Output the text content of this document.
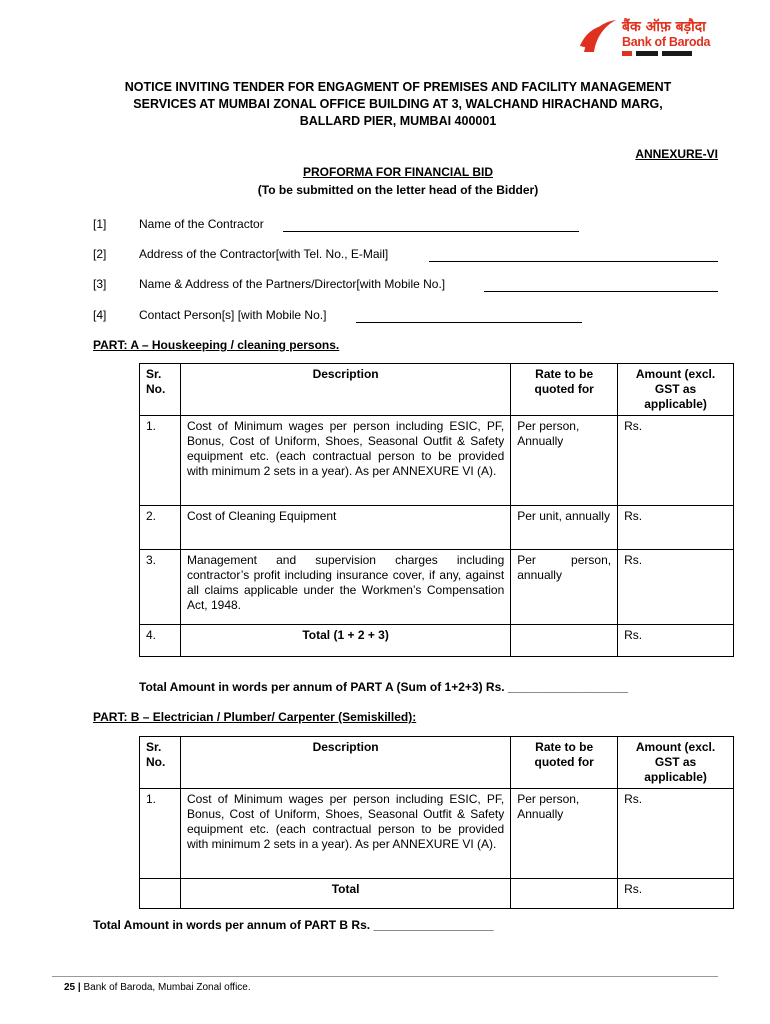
बैंक ऑफ़ बड़ौदा
Bank of Baroda
NOTICE INVITING TENDER FOR ENGAGMENT OF PREMISES AND FACILITY MANAGEMENT
SERVICES AT MUMBAI ZONAL OFFICE BUILDING AT 3, WALCHAND HIRACHAND MARG,
BALLARD PIER, MUMBAI 400001
ANNEXURE-VI
PROFORMA FOR FINANCIAL BID
(To be submitted on the letter head of the Bidder)
[1]	Name of the Contractor
[2]	Address of the Contractor[with Tel. No., E-Mail]
[3]	Name & Address of the Partners/Director[with Mobile No.]
[4]	Contact Person[s] [with Mobile No.]
PART: A – Houskeeping / cleaning persons.
Sr. No.	Description	Rate to be quoted for	Amount (excl. GST as applicable)
1.	Cost of Minimum wages per person including ESIC, PF, Bonus, Cost of Uniform, Shoes, Seasonal Outfit & Safety equipment etc. (each contractual person to be provided with minimum 2 sets in a year). As per ANNEXURE VI (A).	Per person, Annually	Rs.
2.	Cost of Cleaning Equipment	Per unit, annually	Rs.
3.	Management and supervision charges including contractor’s profit including insurance cover, if any, against all claims applicable under the Workmen’s Compensation Act, 1948.	Per person, annually	Rs.
4.	Total (1 + 2 + 3)		Rs.
Total Amount in words per annum of PART A (Sum of 1+2+3) Rs. __________________
PART: B – Electrician / Plumber/ Carpenter (Semiskilled):
Sr. No.	Description	Rate to be quoted for	Amount (excl. GST as applicable)
1.	Cost of Minimum wages per person including ESIC, PF, Bonus, Cost of Uniform, Shoes, Seasonal Outfit & Safety equipment etc. (each contractual person to be provided with minimum 2 sets in a year). As per ANNEXURE VI (A).	Per person, Annually	Rs.
	Total		Rs.
Total Amount in words per annum of PART B Rs. __________________
25 | Bank of Baroda, Mumbai Zonal office.
